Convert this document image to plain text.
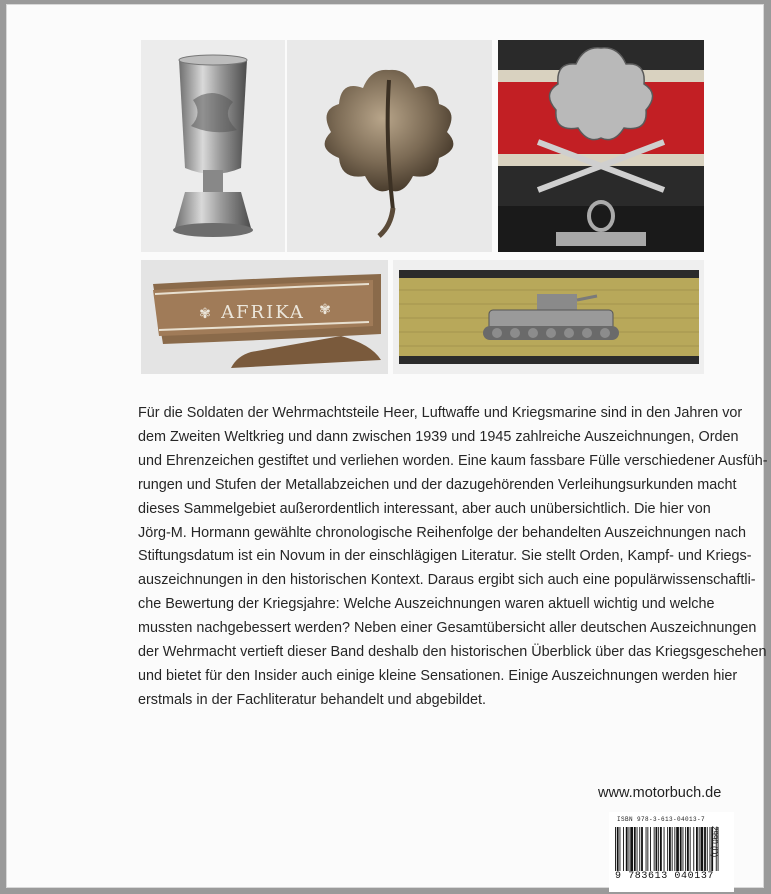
AFRIKA
✾	✾

Für die Soldaten der Wehrmachtsteile Heer, Luftwaffe und Kriegsmarine sind in den Jahren vor
dem Zweiten Weltkrieg und dann zwischen 1939 und 1945 zahlreiche Auszeichnungen, Orden
und Ehrenzeichen gestiftet und verliehen worden. Eine kaum fassbare Fülle verschiedener Ausfüh-
rungen und Stufen der Metallabzeichen und der dazugehörenden Verleihungsurkunden macht
dieses Sammelgebiet außerordentlich interessant, aber auch unübersichtlich. Die hier von
Jörg-M. Hormann gewählte chronologische Reihenfolge der behandelten Auszeichnungen nach
Stiftungsdatum ist ein Novum in der einschlägigen Literatur. Sie stellt Orden, Kampf- und Kriegs-
auszeichnungen in den historischen Kontext. Daraus ergibt sich auch eine populärwissenschaftli-
che Bewertung der Kriegsjahre: Welche Auszeichnungen waren aktuell wichtig und welche
mussten nachgebessert werden? Neben einer Gesamtübersicht aller deutschen Auszeichnungen
der Wehrmacht vertieft dieser Band deshalb den historischen Überblick über das Kriegsgeschehen
und bietet für den Insider auch einige kleine Sensationen. Einige Auszeichnungen werden hier
erstmals in der Fachliteratur behandelt und abgebildet.

www.motorbuch.de
ISBN 978-3-613-04013-7
9 783613 040137
2990 (D)
